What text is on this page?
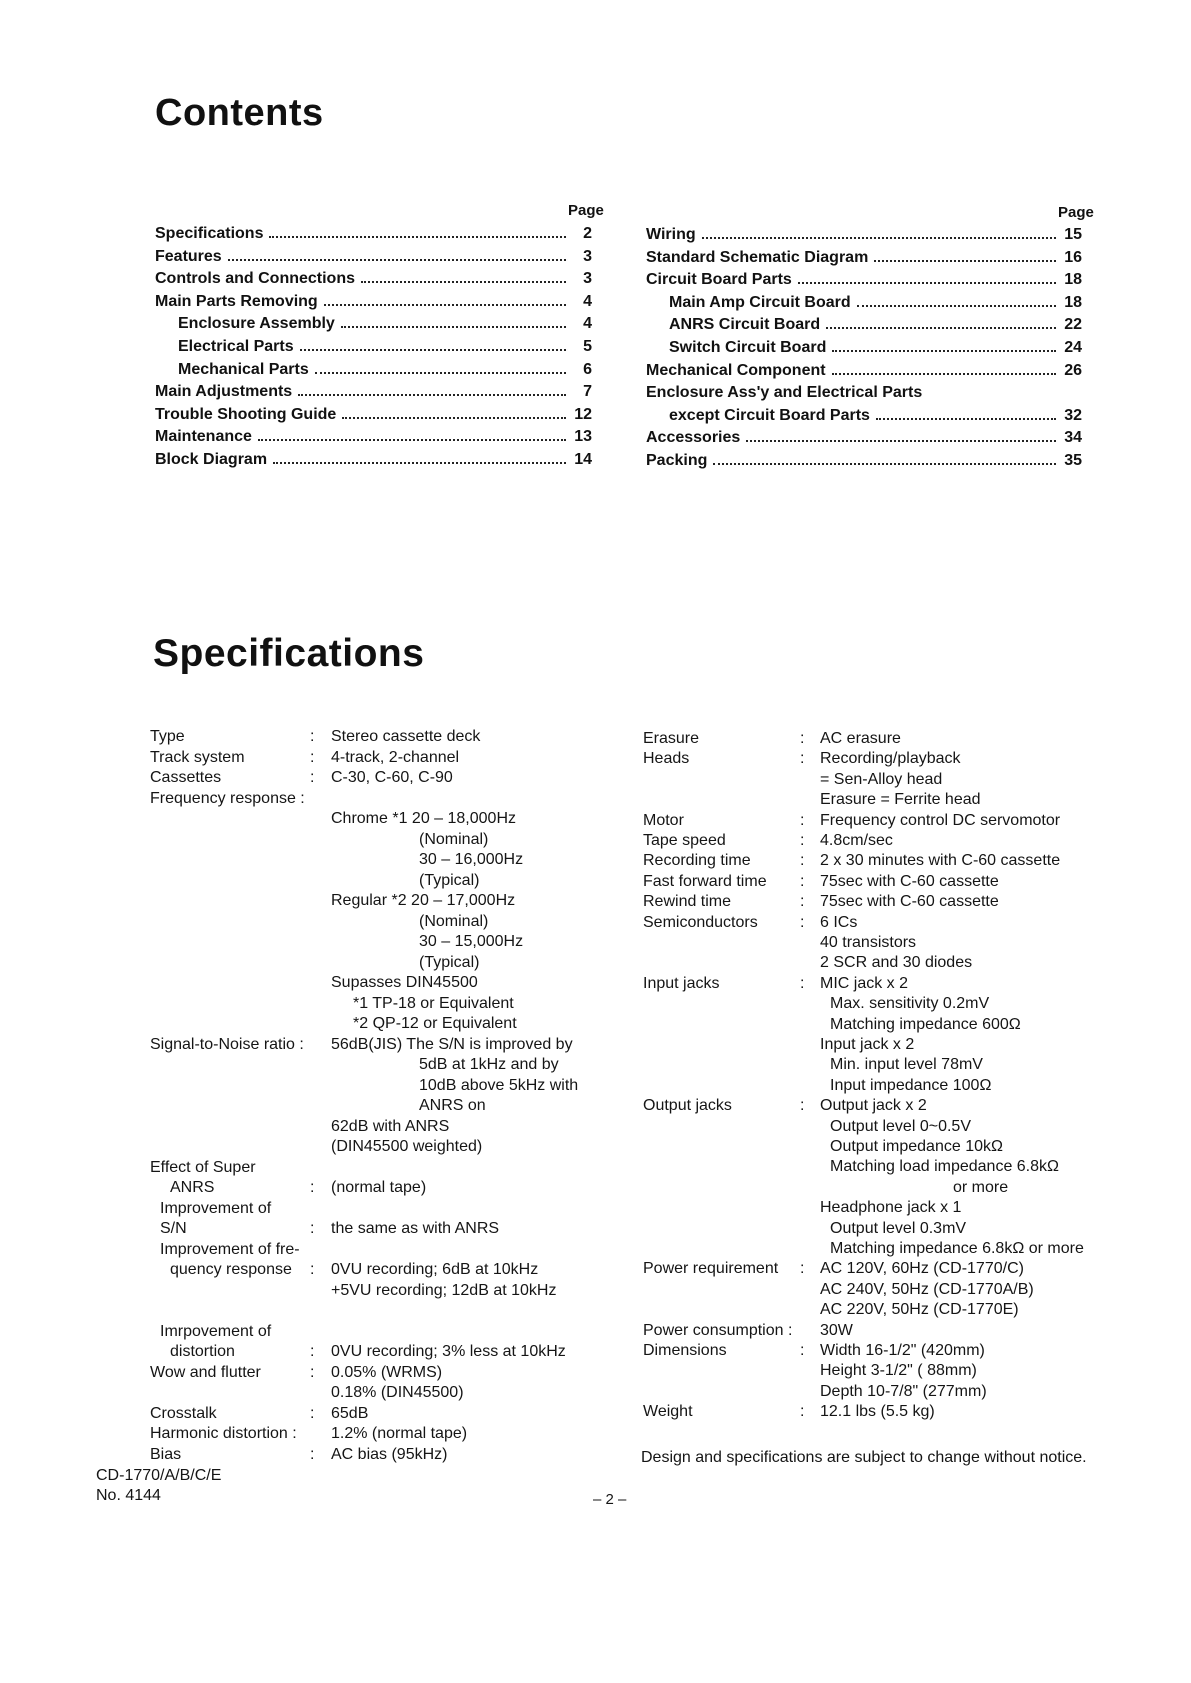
Contents
Page	Page
Specifications	2
Features	3
Controls and Connections	3
Main Parts Removing	4
Enclosure Assembly	4
Electrical Parts	5
Mechanical Parts	6
Main Adjustments	7
Trouble Shooting Guide	12
Maintenance	13
Block Diagram	14
Wiring	15
Standard Schematic Diagram	16
Circuit Board Parts	18
Main Amp Circuit Board	18
ANRS Circuit Board	22
Switch Circuit Board	24
Mechanical Component	26
Enclosure Ass'y and Electrical Parts
except Circuit Board Parts	32
Accessories	34
Packing	35
Specifications
Type	: Stereo cassette deck
Track system	: 4-track, 2-channel
Cassettes	: C-30, C-60, C-90
Frequency response :
Chrome *1 20 – 18,000Hz
(Nominal)
30 – 16,000Hz
(Typical)
Regular *2 20 – 17,000Hz
(Nominal)
30 – 15,000Hz
(Typical)
Supasses DIN45500
*1 TP-18 or Equivalent
*2 QP-12 or Equivalent
Signal-to-Noise ratio : 56dB(JIS) The S/N is improved by
5dB at 1kHz and by
10dB above 5kHz with
ANRS on
62dB with ANRS
(DIN45500 weighted)
Effect of Super
ANRS	: (normal tape)
Improvement of
S/N	: the same as with ANRS
Improvement of fre-
quency response : 0VU recording; 6dB at 10kHz
+5VU recording; 12dB at 10kHz
Imrpovement of
distortion	: 0VU recording; 3% less at 10kHz
Wow and flutter	: 0.05% (WRMS)
0.18% (DIN45500)
Crosstalk	: 65dB
Harmonic distortion : 1.2% (normal tape)
Bias	: AC bias (95kHz)
Erasure	: AC erasure
Heads	: Recording/playback
= Sen-Alloy head
Erasure = Ferrite head
Motor	: Frequency control DC servomotor
Tape speed	: 4.8cm/sec
Recording time	: 2 x 30 minutes with C-60 cassette
Fast forward time : 75sec with C-60 cassette
Rewind time	: 75sec with C-60 cassette
Semiconductors	: 6 ICs
40 transistors
2 SCR and 30 diodes
Input jacks	: MIC jack x 2
Max. sensitivity 0.2mV
Matching impedance 600Ω
Input jack x 2
Min. input level 78mV
Input impedance 100Ω
Output jacks	: Output jack x 2
Output level 0~0.5V
Output impedance 10kΩ
Matching load impedance 6.8kΩ
or more
Headphone jack x 1
Output level 0.3mV
Matching impedance 6.8kΩ or more
Power requirement : AC 120V, 60Hz (CD-1770/C)
AC 240V, 50Hz (CD-1770A/B)
AC 220V, 50Hz (CD-1770E)
Power consumption : 30W
Dimensions	: Width 16-1/2" (420mm)
Height 3-1/2" ( 88mm)
Depth 10-7/8" (277mm)
Weight	: 12.1 lbs (5.5 kg)
Design and specifications are subject to change without notice.
CD-1770/A/B/C/E
No. 4144	– 2 –
